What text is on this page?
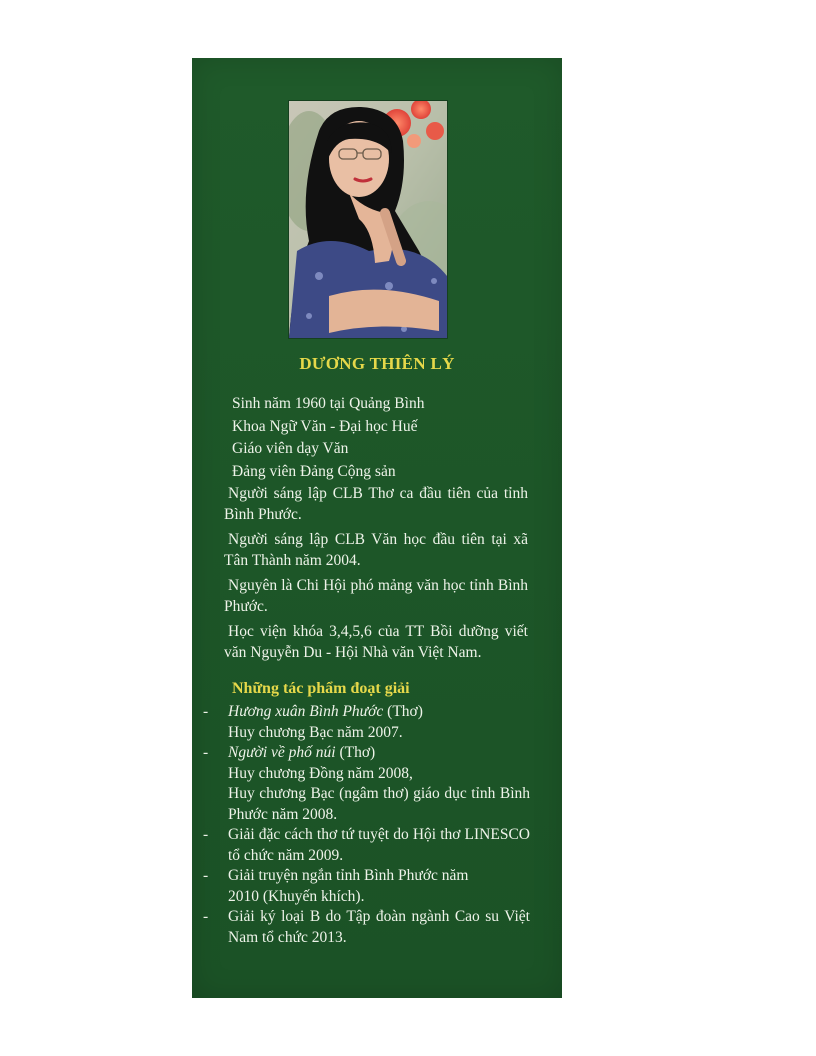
DƯƠNG THIÊN LÝ

Sinh năm 1960 tại Quảng Bình

Khoa Ngữ Văn - Đại học Huế

Giáo viên dạy Văn

Đảng viên Đảng Cộng sản

Người sáng lập CLB Thơ ca đầu tiên của tỉnh Bình Phước.

Người sáng lập CLB Văn học đầu tiên tại xã Tân Thành năm 2004.

Nguyên là Chi Hội phó mảng văn học tỉnh Bình Phước.

Học viện khóa 3,4,5,6 của TT Bồi dưỡng viết văn Nguyễn Du - Hội Nhà văn Việt Nam.

Những tác phẩm đoạt giải
- Hương xuân Bình Phước (Thơ)
Huy chương Bạc năm 2007.
- Người về phố núi (Thơ)
Huy chương Đồng năm 2008,
Huy chương Bạc (ngâm thơ) giáo dục tỉnh Bình Phước năm 2008.
- Giải đặc cách thơ tứ tuyệt do Hội thơ LINESCO tổ chức năm 2009.
- Giải truyện ngắn tỉnh Bình Phước năm 2010 (Khuyến khích).
- Giải ký loại B do Tập đoàn ngành Cao su Việt Nam tổ chức 2013.
